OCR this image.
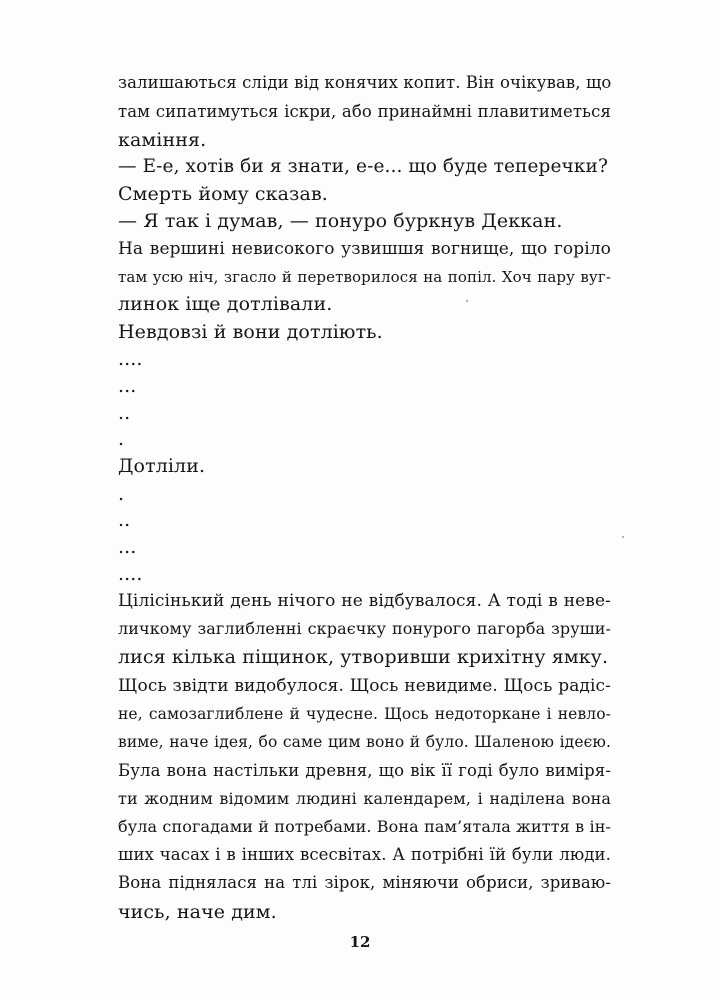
залишаються сліди від конячих копит. Він очікував, що
там сипатимуться іскри, або принаймні плавитиметься
каміння.
— Е-е, хотів би я знати, е-е... що буде теперечки?
Смерть йому сказав.
— Я так і думав, — понуро буркнув Деккан.
На вершині невисокого узвишшя вогнище, що горіло
там усю ніч, згасло й перетворилося на попіл. Хоч пару вуг-
линок іще дотлівали.
Невдовзі й вони дотліють.
....
...
..
.
Дотліли.
.
..
...
....
Цілісінький день нічого не відбувалося. А тоді в неве-
личкому заглибленні скраєчку понурого пагорба зруши-
лися кілька піщинок, утворивши крихітну ямку.
Щось звідти видобулося. Щось невидиме. Щось радіс-
не, самозаглиблене й чудесне. Щось недоторкане і невло-
виме, наче ідея, бо саме цим воно й було. Шаленою ідеєю.
Була вона настільки древня, що вік її годі було виміря-
ти жодним відомим людині календарем, і наділена вона
була спогадами й потребами. Вона пам’ятала життя в ін-
ших часах і в інших всесвітах. А потрібні їй були люди.
Вона піднялася на тлі зірок, міняючи обриси, зриваю-
чись, наче дим.
12
